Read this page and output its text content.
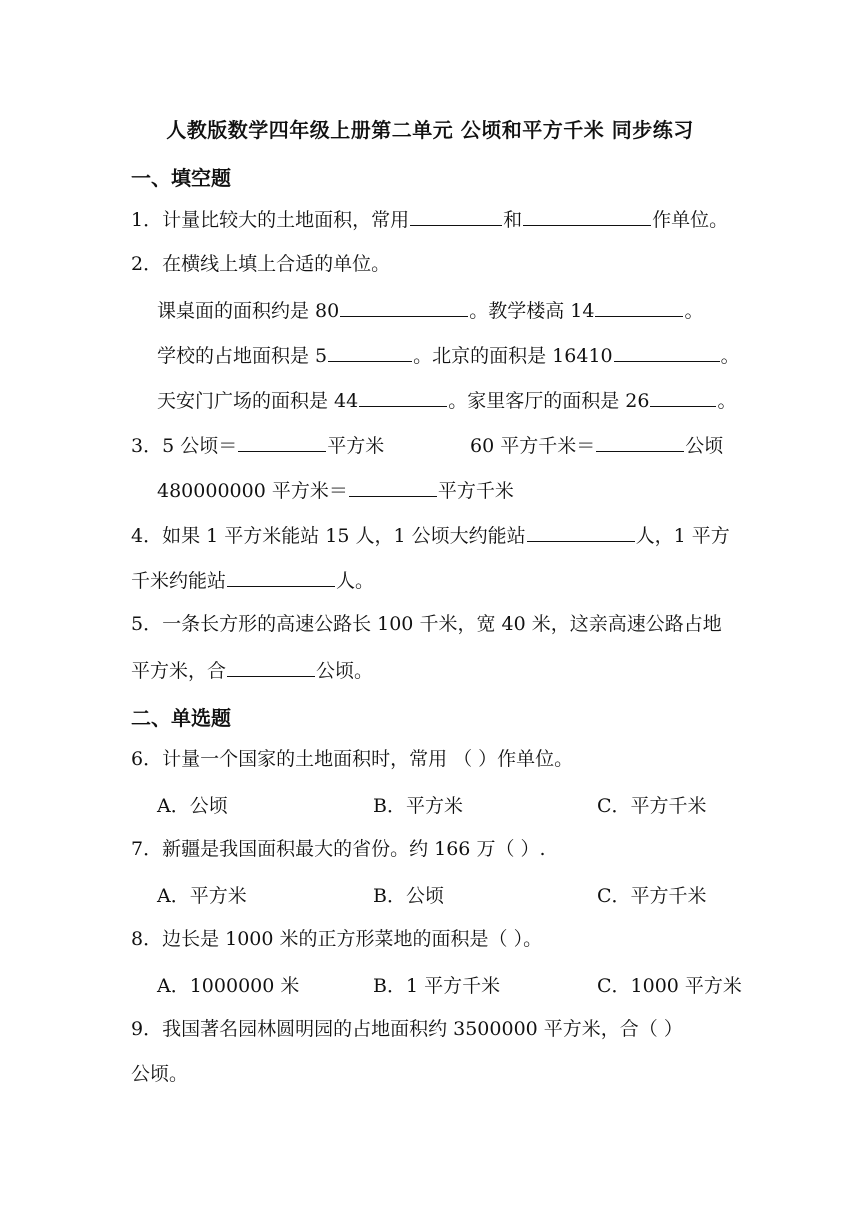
人教版数学四年级上册第二单元 公顷和平方千米 同步练习
一、填空题
1．计量比较大的土地面积，常用	和	作单位。
2．在横线上填上合适的单位。
课桌面的面积约是 80	。教学楼高 14	。
学校的占地面积是 5	。北京的面积是 16410	。
天安门广场的面积是 44	。家里客厅的面积是 26	。
3．5 公顷＝	平方米	60 平方千米＝	公顷
480000000 平方米＝	平方千米
4．如果 1 平方米能站 15 人，1 公顷大约能站	人，1 平方
千米约能站	人。
5．一条长方形的高速公路长 100 千米，宽 40 米，这亲高速公路占地
平方米，合	公顷。
二、单选题
6．计量一个国家的土地面积时，常用 （ ）作单位。
A．公顷	B．平方米	C．平方千米
7．新疆是我国面积最大的省份。约 166 万（ ）.
A．平方米	B．公顷	C．平方千米
8．边长是 1000 米的正方形菜地的面积是（ ）。
A．1000000 米	B．1 平方千米	C．1000 平方米
9．我国著名园林圆明园的占地面积约 3500000 平方米，合（ ）
公顷。
